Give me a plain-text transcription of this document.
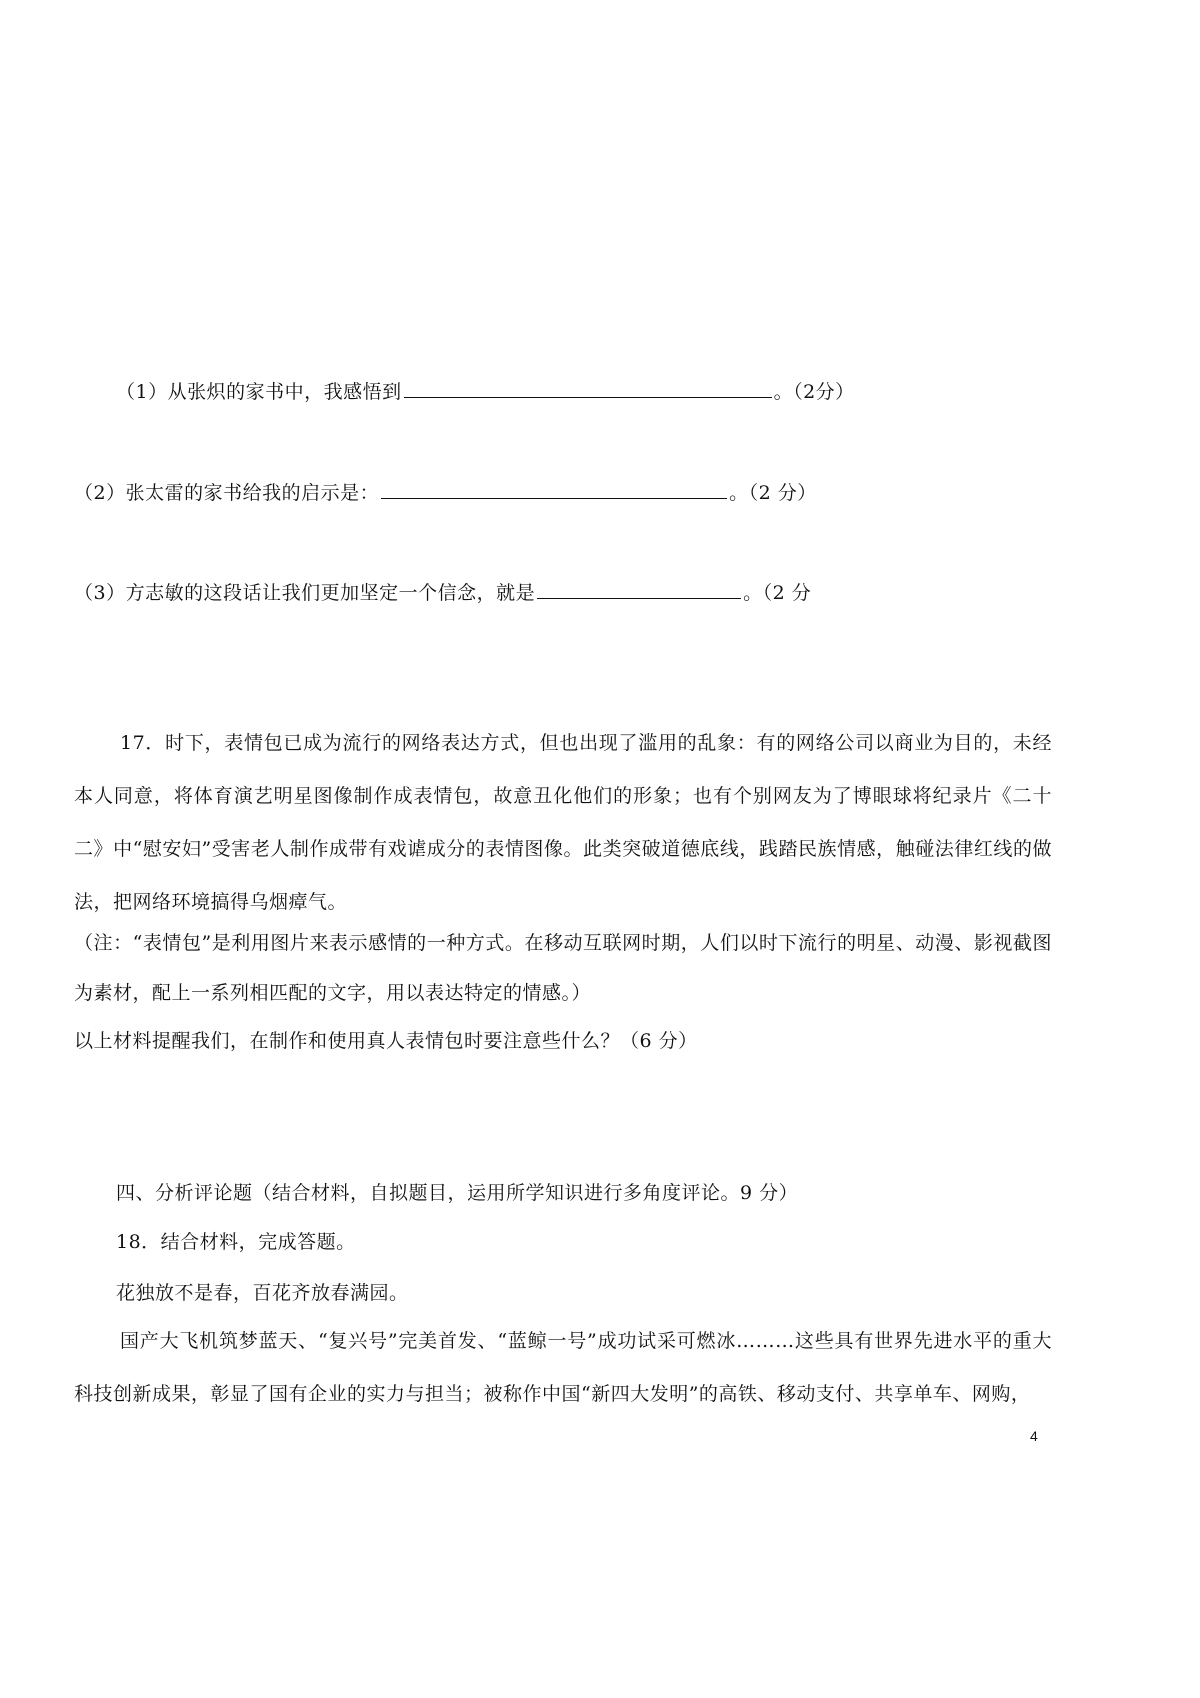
（1）从张炽的家书中，我感悟到	。（2分）
（2）张太雷的家书给我的启示是：	。（2 分）
（3）方志敏的这段话让我们更加坚定一个信念，就是	。（2 分
17．时下，表情包已成为流行的网络表达方式，但也出现了滥用的乱象：有的网络公司以商业为目的，未经本人同意，将体育演艺明星图像制作成表情包，故意丑化他们的形象；也有个别网友为了博眼球将纪录片《二十二》中“慰安妇”受害老人制作成带有戏谑成分的表情图像。此类突破道德底线，践踏民族情感，触碰法律红线的做法，把网络环境搞得乌烟瘴气。
（注：“表情包”是利用图片来表示感情的一种方式。在移动互联网时期，人们以时下流行的明星、动漫、影视截图为素材，配上一系列相匹配的文字，用以表达特定的情感。）
以上材料提醒我们，在制作和使用真人表情包时要注意些什么？（6 分）
四、分析评论题（结合材料，自拟题目，运用所学知识进行多角度评论。9 分）
18．结合材料，完成答题。
花独放不是春，百花齐放春满园。
国产大飞机筑梦蓝天、“复兴号”完美首发、“蓝鲸一号”成功试采可燃冰………这些具有世界先进水平的重大科技创新成果，彰显了国有企业的实力与担当；被称作中国“新四大发明”的高铁、移动支付、共享单车、网购，
4
